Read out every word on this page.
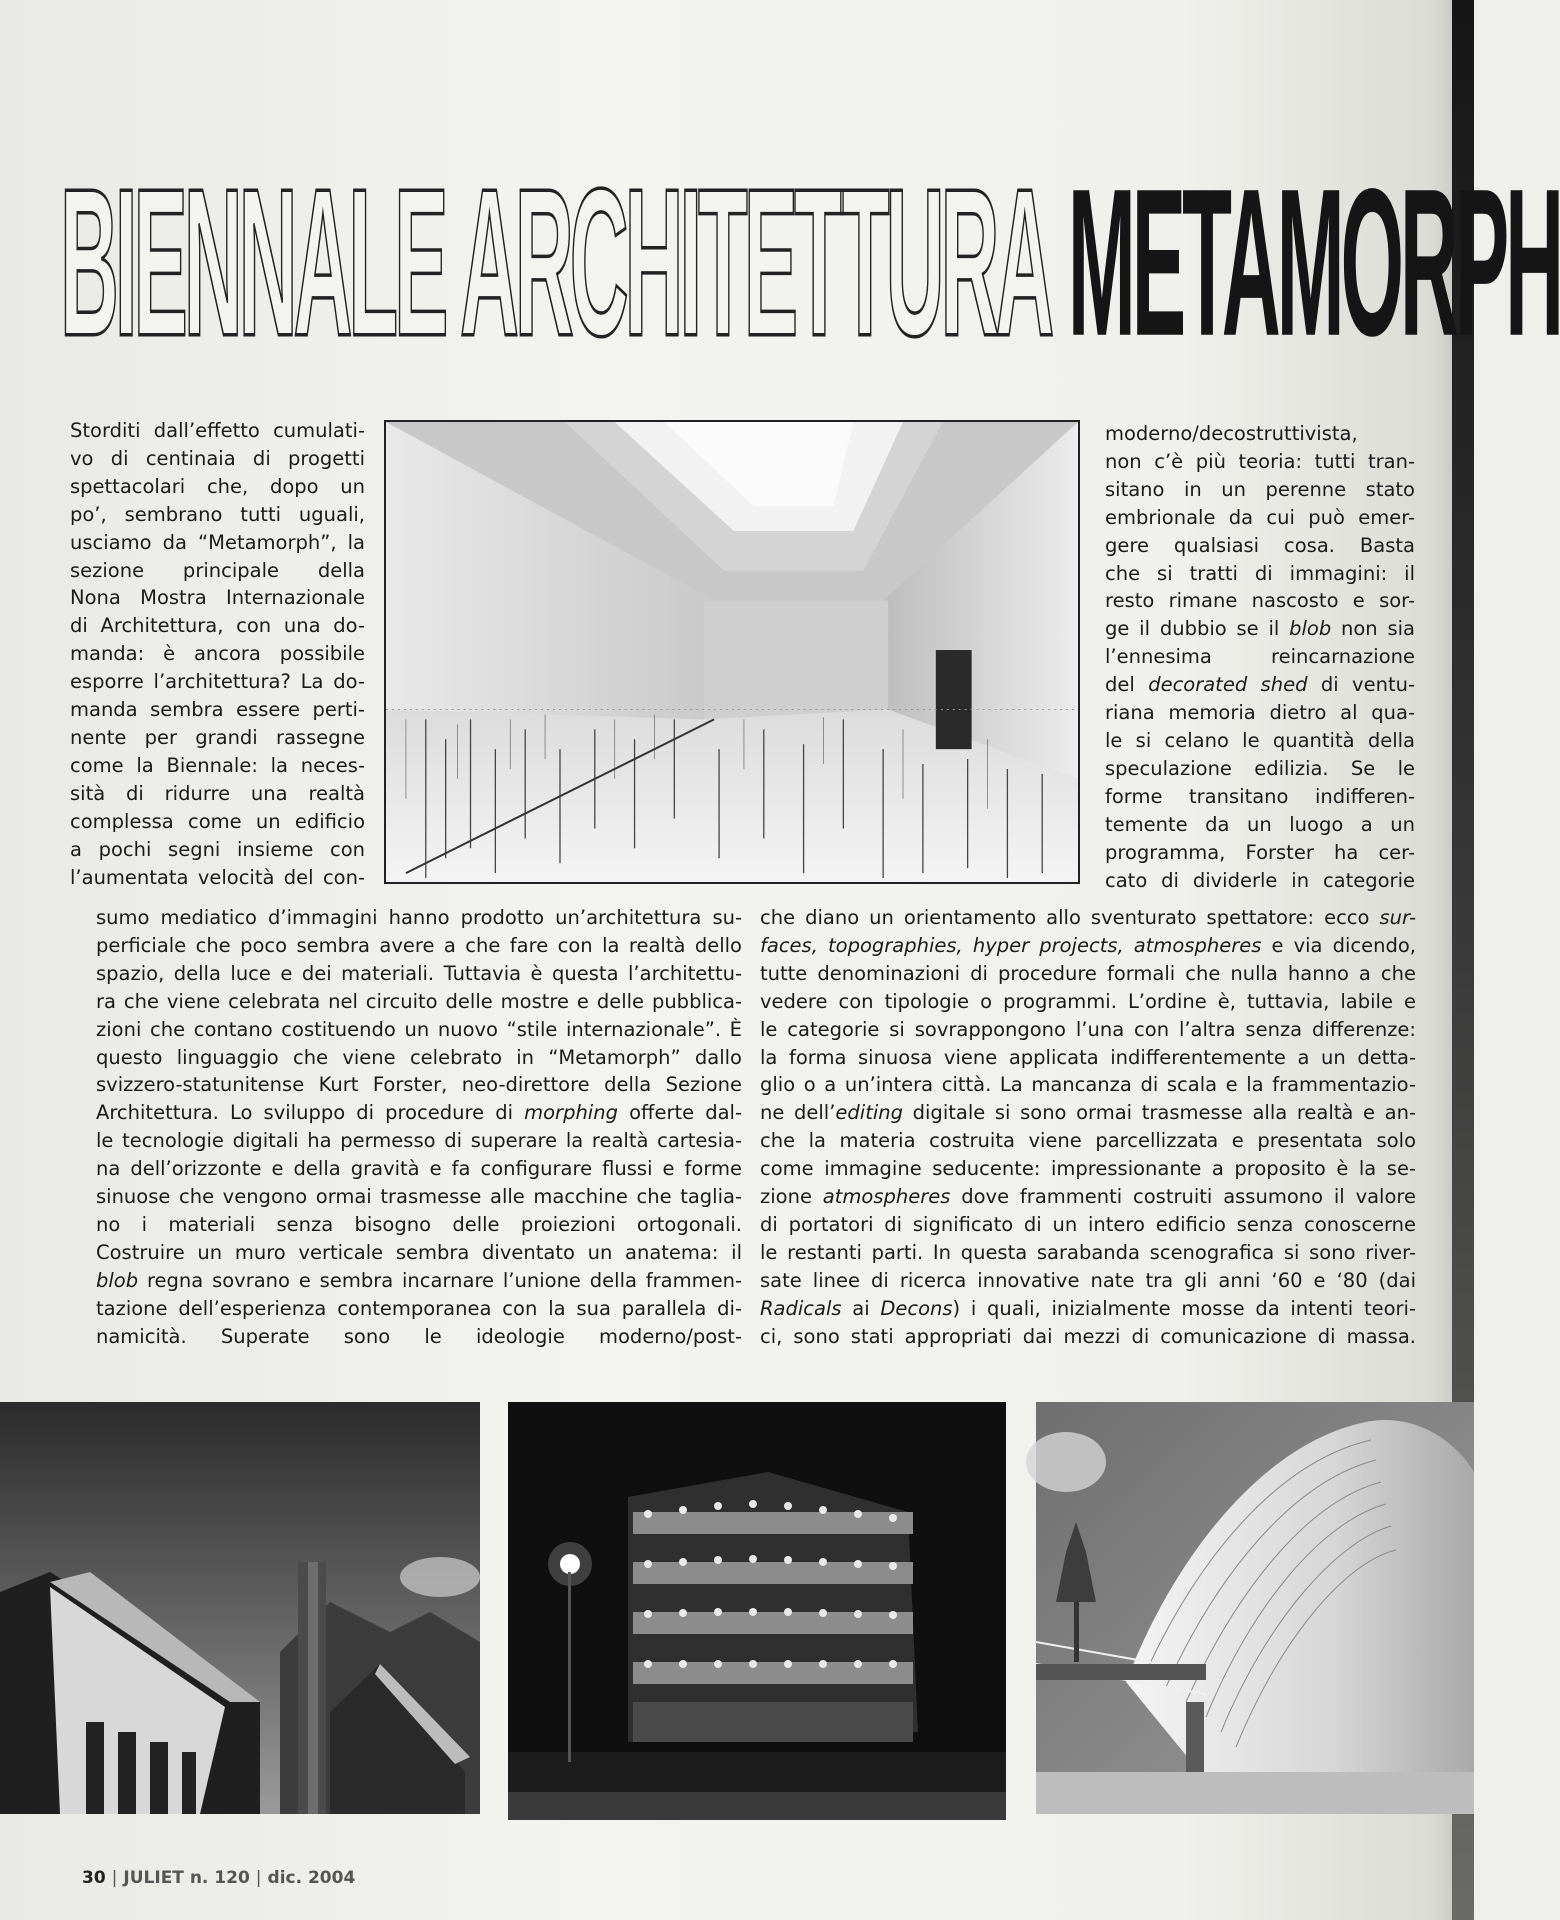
BIENNALE ARCHITETTURA METAMORPH

Storditi dall’effetto cumulati-
vo di centinaia di progetti
spettacolari che, dopo un
po’, sembrano tutti uguali,
usciamo da “Metamorph”, la
sezione principale della
Nona Mostra Internazionale
di Architettura, con una do-
manda: è ancora possibile
esporre l’architettura? La do-
manda sembra essere perti-
nente per grandi rassegne
come la Biennale: la neces-
sità di ridurre una realtà
complessa come un edificio
a pochi segni insieme con
l’aumentata velocità del con-

moderno/decostruttivista,
non c’è più teoria: tutti tran-
sitano in un perenne stato
embrionale da cui può emer-
gere qualsiasi cosa. Basta
che si tratti di immagini: il
resto rimane nascosto e sor-
ge il dubbio se il blob non sia
l’ennesima reincarnazione
del decorated shed di ventu-
riana memoria dietro al qua-
le si celano le quantità della
speculazione edilizia. Se le
forme transitano indifferen-
temente da un luogo a un
programma, Forster ha cer-
cato di dividerle in categorie

sumo mediatico d’immagini hanno prodotto un’architettura su-
perficiale che poco sembra avere a che fare con la realtà dello
spazio, della luce e dei materiali. Tuttavia è questa l’architettu-
ra che viene celebrata nel circuito delle mostre e delle pubblica-
zioni che contano costituendo un nuovo “stile internazionale”. È
questo linguaggio che viene celebrato in “Metamorph” dallo
svizzero-statunitense Kurt Forster, neo-direttore della Sezione
Architettura. Lo sviluppo di procedure di morphing offerte dal-
le tecnologie digitali ha permesso di superare la realtà cartesia-
na dell’orizzonte e della gravità e fa configurare flussi e forme
sinuose che vengono ormai trasmesse alle macchine che taglia-
no i materiali senza bisogno delle proiezioni ortogonali.
Costruire un muro verticale sembra diventato un anatema: il
blob regna sovrano e sembra incarnare l’unione della frammen-
tazione dell’esperienza contemporanea con la sua parallela di-
namicità. Superate sono le ideologie moderno/post-

che diano un orientamento allo sventurato spettatore: ecco sur-
faces, topographies, hyper projects, atmospheres e via dicendo,
tutte denominazioni di procedure formali che nulla hanno a che
vedere con tipologie o programmi. L’ordine è, tuttavia, labile e
le categorie si sovrappongono l’una con l’altra senza differenze:
la forma sinuosa viene applicata indifferentemente a un detta-
glio o a un’intera città. La mancanza di scala e la frammentazio-
ne dell’editing digitale si sono ormai trasmesse alla realtà e an-
che la materia costruita viene parcellizzata e presentata solo
come immagine seducente: impressionante a proposito è la se-
zione atmospheres dove frammenti costruiti assumono il valore
di portatori di significato di un intero edificio senza conoscerne
le restanti parti. In questa sarabanda scenografica si sono river-
sate linee di ricerca innovative nate tra gli anni ‘60 e ‘80 (dai
Radicals ai Decons) i quali, inizialmente mosse da intenti teori-
ci, sono stati appropriati dai mezzi di comunicazione di massa.

30 | JULIET n. 120 | dic. 2004
